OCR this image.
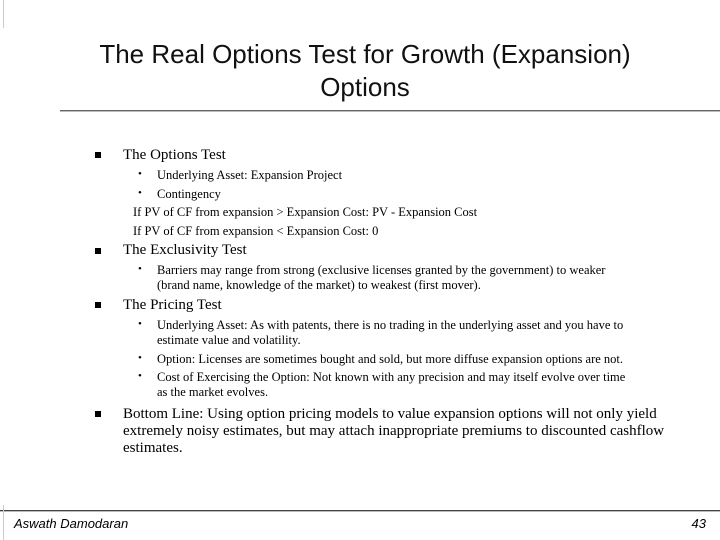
The Real Options Test for Growth (Expansion)
Options
The Options Test
• Underlying Asset: Expansion Project
• Contingency
If PV of CF from expansion > Expansion Cost: PV - Expansion Cost
If PV of CF from expansion < Expansion Cost: 0
The Exclusivity Test
• Barriers may range from strong (exclusive licenses granted by the government) to weaker
(brand name, knowledge of the market) to weakest (first mover).
The Pricing Test
• Underlying Asset: As with patents, there is no trading in the underlying asset and you have to
estimate value and volatility.
• Option: Licenses are sometimes bought and sold, but more diffuse expansion options are not.
• Cost of Exercising the Option: Not known with any precision and may itself evolve over time
as the market evolves.
Bottom Line: Using option pricing models to value expansion options will not only yield extremely noisy estimates, but may attach inappropriate premiums to discounted cashflow estimates.
Aswath Damodaran	43
